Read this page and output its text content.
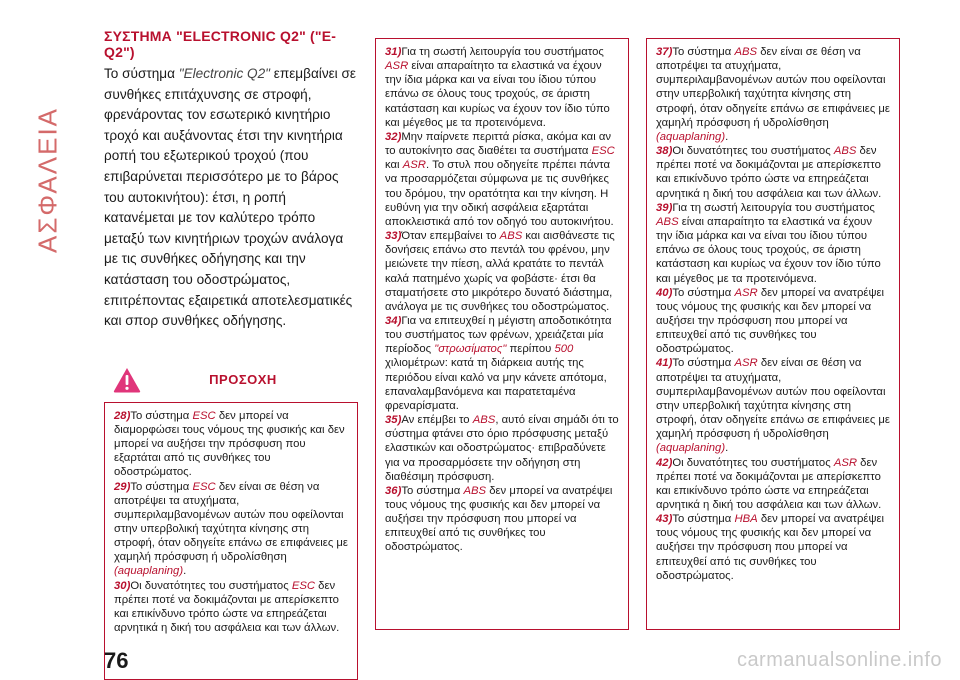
ΑΣΦΑΛΕΙΑ
ΣΥΣΤΗΜΑ "ELECTRONIC Q2" ("E-Q2")

Το σύστημα "Electronic Q2" επεμβαίνει σε συνθήκες επιτάχυνσης σε στροφή, φρενάροντας τον εσωτερικό κινητήριο τροχό και αυξάνοντας έτσι την κινητήρια ροπή του εξωτερικού τροχού (που επιβαρύνεται περισσότερο με το βάρος του αυτοκινήτου): έτσι, η ροπή κατανέμεται με τον καλύτερο τρόπο μεταξύ των κινητήριων τροχών ανάλογα με τις συνθήκες οδήγησης και την κατάσταση του οδοστρώματος, επιτρέποντας εξαιρετικά αποτελεσματικές και σπορ συνθήκες οδήγησης.

ΠΡΟΣΟΧΗ

28)Το σύστημα ESC δεν μπορεί να διαμορφώσει τους νόμους της φυσικής και δεν μπορεί να αυξήσει την πρόσφυση που εξαρτάται από τις συνθήκες του οδοστρώματος.

29)Το σύστημα ESC δεν είναι σε θέση να αποτρέψει τα ατυχήματα, συμπεριλαμβανομένων αυτών που οφείλονται στην υπερβολική ταχύτητα κίνησης στη στροφή, όταν οδηγείτε επάνω σε επιφάνειες με χαμηλή πρόσφυση ή υδρολίσθηση (aquaplaning).

30)Οι δυνατότητες του συστήματος ESC δεν πρέπει ποτέ να δοκιμάζονται με απερίσκεπτο και επικίνδυνο τρόπο ώστε να επηρεάζεται αρνητικά η δική του ασφάλεια και των άλλων.

31)Για τη σωστή λειτουργία του συστήματος ASR είναι απαραίτητο τα ελαστικά να έχουν την ίδια μάρκα και να είναι του ίδιου τύπου επάνω σε όλους τους τροχούς, σε άριστη κατάσταση και κυρίως να έχουν τον ίδιο τύπο και μέγεθος με τα προτεινόμενα.

32)Μην παίρνετε περιττά ρίσκα, ακόμα και αν το αυτοκίνητο σας διαθέτει τα συστήματα ESC και ASR. Το στυλ που οδηγείτε πρέπει πάντα να προσαρμόζεται σύμφωνα με τις συνθήκες του δρόμου, την ορατότητα και την κίνηση. Η ευθύνη για την οδική ασφάλεια εξαρτάται αποκλειστικά από τον οδηγό του αυτοκινήτου.

33)Όταν επεμβαίνει το ABS και αισθάνεστε τις δονήσεις επάνω στο πεντάλ του φρένου, μην μειώνετε την πίεση, αλλά κρατάτε το πεντάλ καλά πατημένο χωρίς να φοβάστε· έτσι θα σταματήσετε στο μικρότερο δυνατό διάστημα, ανάλογα με τις συνθήκες του οδοστρώματος.

34)Για να επιτευχθεί η μέγιστη αποδοτικότητα του συστήματος των φρένων, χρειάζεται μία περίοδος "στρωσίματος" περίπου 500 χιλιομέτρων: κατά τη διάρκεια αυτής της περιόδου είναι καλό να μην κάνετε απότομα, επαναλαμβανόμενα και παρατεταμένα φρεναρίσματα.

35)Αν επέμβει το ABS, αυτό είναι σημάδι ότι το σύστημα φτάνει στο όριο πρόσφυσης μεταξύ ελαστικών και οδοστρώματος· επιβραδύνετε για να προσαρμόσετε την οδήγηση στη διαθέσιμη πρόσφυση.

36)Το σύστημα ABS δεν μπορεί να ανατρέψει τους νόμους της φυσικής και δεν μπορεί να αυξήσει την πρόσφυση που μπορεί να επιτευχθεί από τις συνθήκες του οδοστρώματος.

37)Το σύστημα ABS δεν είναι σε θέση να αποτρέψει τα ατυχήματα, συμπεριλαμβανομένων αυτών που οφείλονται στην υπερβολική ταχύτητα κίνησης στη στροφή, όταν οδηγείτε επάνω σε επιφάνειες με χαμηλή πρόσφυση ή υδρολίσθηση (aquaplaning).

38)Οι δυνατότητες του συστήματος ABS δεν πρέπει ποτέ να δοκιμάζονται με απερίσκεπτο και επικίνδυνο τρόπο ώστε να επηρεάζεται αρνητικά η δική του ασφάλεια και των άλλων.

39)Για τη σωστή λειτουργία του συστήματος ABS είναι απαραίτητο τα ελαστικά να έχουν την ίδια μάρκα και να είναι του ίδιου τύπου επάνω σε όλους τους τροχούς, σε άριστη κατάσταση και κυρίως να έχουν τον ίδιο τύπο και μέγεθος με τα προτεινόμενα.

40)Το σύστημα ASR δεν μπορεί να ανατρέψει τους νόμους της φυσικής και δεν μπορεί να αυξήσει την πρόσφυση που μπορεί να επιτευχθεί από τις συνθήκες του οδοστρώματος.

41)Το σύστημα ASR δεν είναι σε θέση να αποτρέψει τα ατυχήματα, συμπεριλαμβανομένων αυτών που οφείλονται στην υπερβολική ταχύτητα κίνησης στη στροφή, όταν οδηγείτε επάνω σε επιφάνειες με χαμηλή πρόσφυση ή υδρολίσθηση (aquaplaning).

42)Οι δυνατότητες του συστήματος ASR δεν πρέπει ποτέ να δοκιμάζονται με απερίσκεπτο και επικίνδυνο τρόπο ώστε να επηρεάζεται αρνητικά η δική του ασφάλεια και των άλλων.

43)Το σύστημα HBA δεν μπορεί να ανατρέψει τους νόμους της φυσικής και δεν μπορεί να αυξήσει την πρόσφυση που μπορεί να επιτευχθεί από τις συνθήκες του οδοστρώματος.

76	carmanualsonline.info
